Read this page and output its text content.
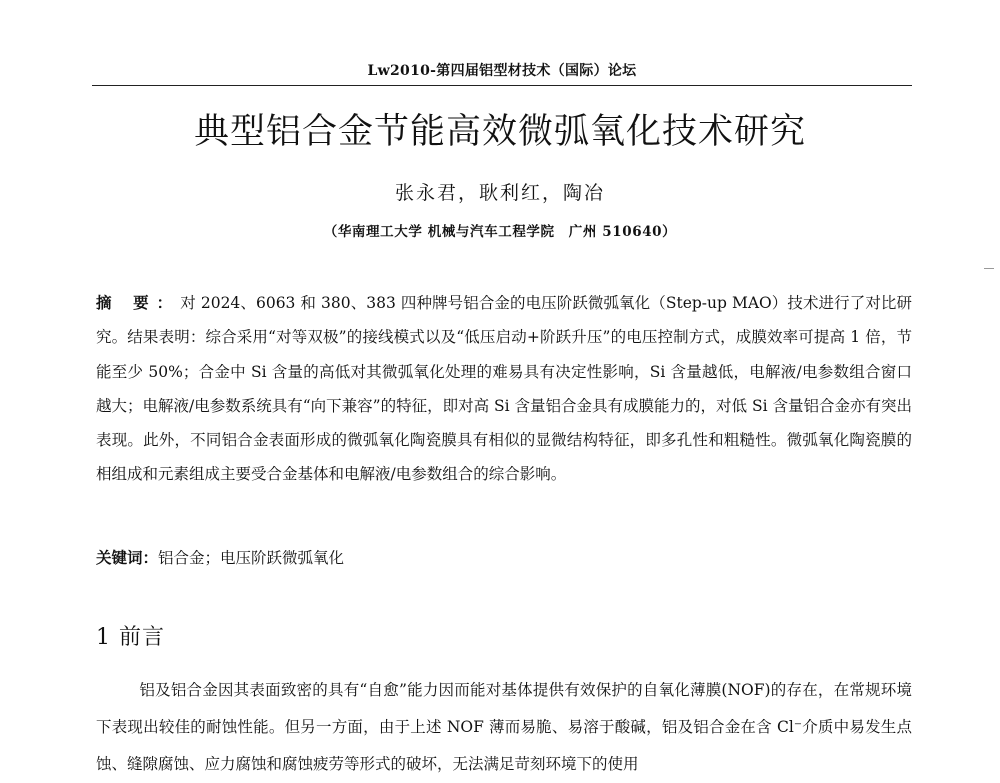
Lw2010-第四届铝型材技术（国际）论坛
典型铝合金节能高效微弧氧化技术研究
张永君，耿利红，陶冶
（华南理工大学 机械与汽车工程学院　广州 510640）
摘 要：对 2024、6063 和 380、383 四种牌号铝合金的电压阶跃微弧氧化（Step-up MAO）技术进行了对比研究。结果表明：综合采用“对等双极”的接线模式以及“低压启动+阶跃升压”的电压控制方式，成膜效率可提高 1 倍，节能至少 50%；合金中 Si 含量的高低对其微弧氧化处理的难易具有决定性影响，Si 含量越低，电解液/电参数组合窗口越大；电解液/电参数系统具有“向下兼容”的特征，即对高 Si 含量铝合金具有成膜能力的，对低 Si 含量铝合金亦有突出表现。此外，不同铝合金表面形成的微弧氧化陶瓷膜具有相似的显微结构特征，即多孔性和粗糙性。微弧氧化陶瓷膜的相组成和元素组成主要受合金基体和电解液/电参数组合的综合影响。
关键词：铝合金；电压阶跃微弧氧化
1 前言
铝及铝合金因其表面致密的具有“自愈”能力因而能对基体提供有效保护的自氧化薄膜(NOF)的存在，在常规环境下表现出较佳的耐蚀性能。但另一方面，由于上述 NOF 薄而易脆、易溶于酸碱，铝及铝合金在含 Cl⁻介质中易发生点蚀、缝隙腐蚀、应力腐蚀和腐蚀疲劳等形式的破坏，无法满足苛刻环境下的使用
